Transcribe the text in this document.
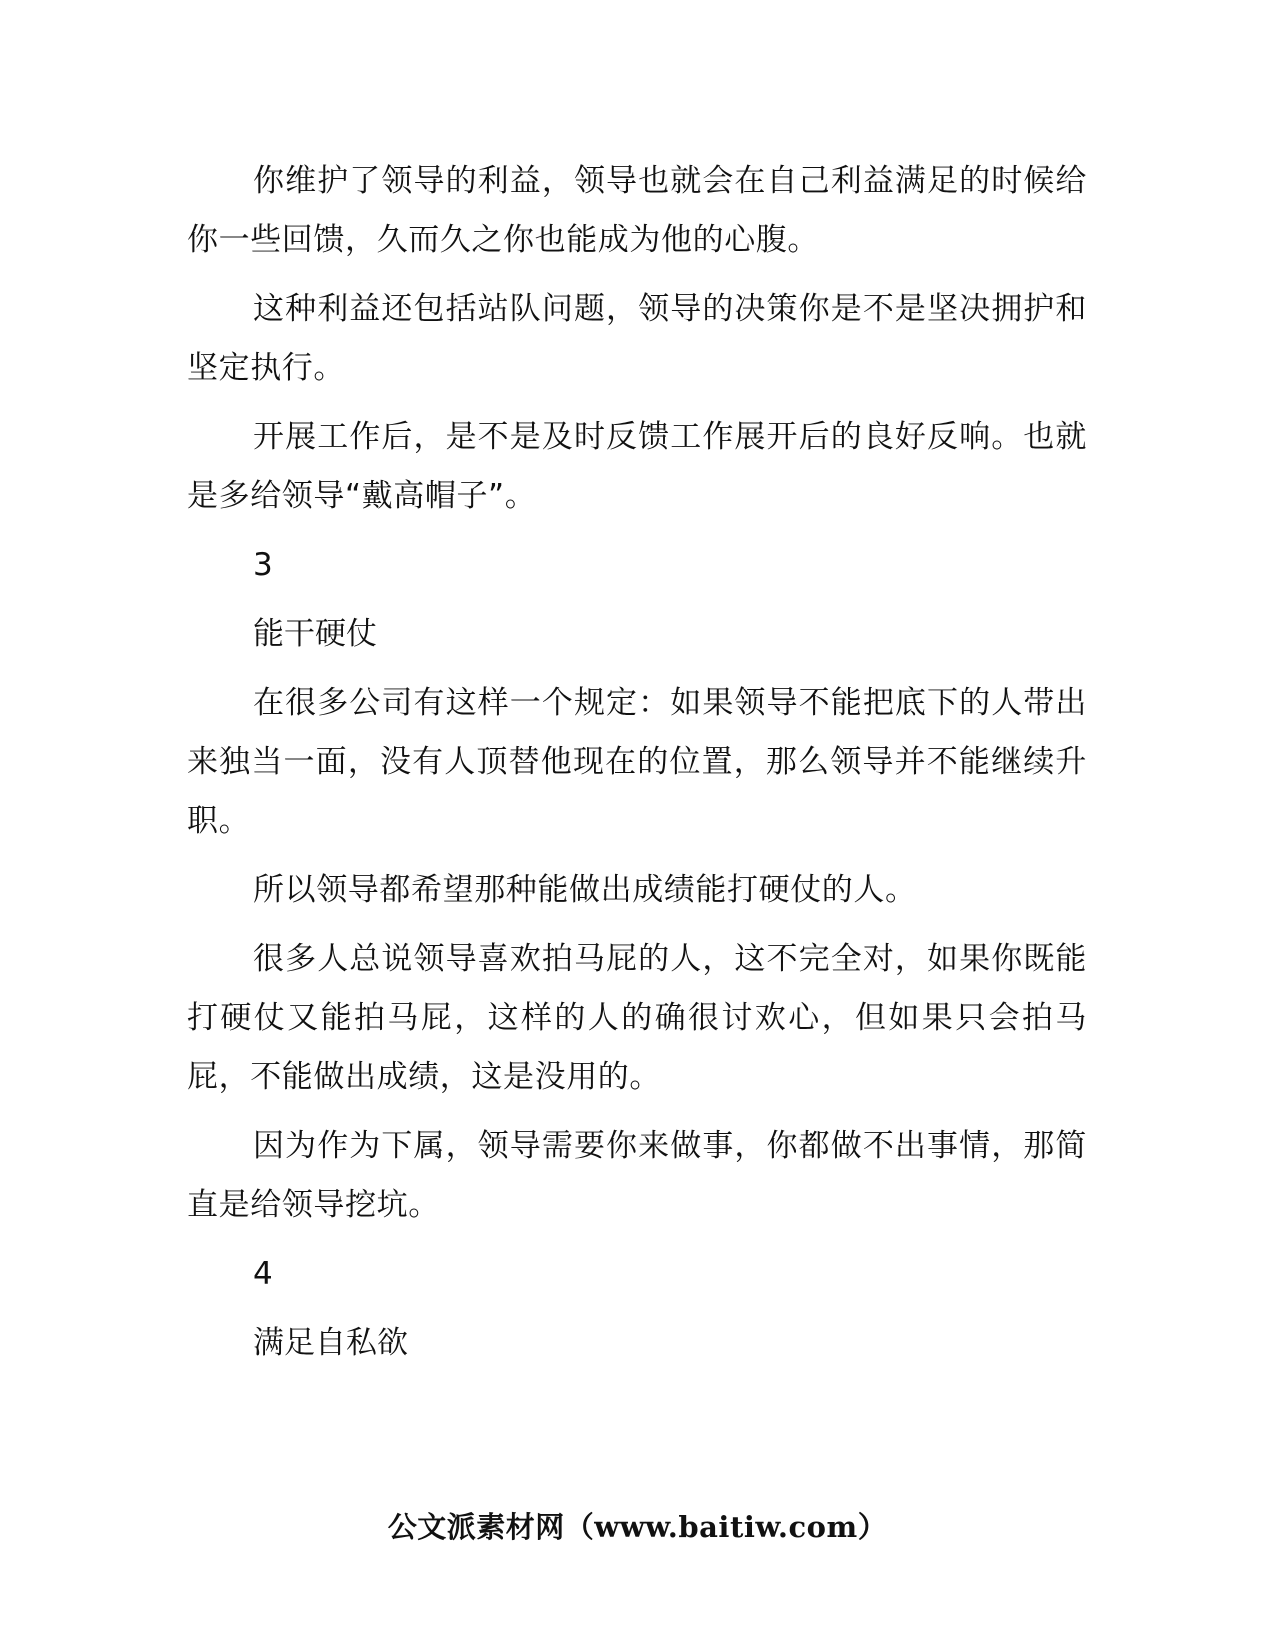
你维护了领导的利益，领导也就会在自己利益满足的时候给你一些回馈，久而久之你也能成为他的心腹。

这种利益还包括站队问题，领导的决策你是不是坚决拥护和坚定执行。

开展工作后，是不是及时反馈工作展开后的良好反响。也就是多给领导“戴高帽子”。

3

能干硬仗

在很多公司有这样一个规定：如果领导不能把底下的人带出来独当一面，没有人顶替他现在的位置，那么领导并不能继续升职。

所以领导都希望那种能做出成绩能打硬仗的人。

很多人总说领导喜欢拍马屁的人，这不完全对，如果你既能打硬仗又能拍马屁，这样的人的确很讨欢心，但如果只会拍马屁，不能做出成绩，这是没用的。

因为作为下属，领导需要你来做事，你都做不出事情，那简直是给领导挖坑。

4

满足自私欲

公文派素材网（www.baitiw.com）
